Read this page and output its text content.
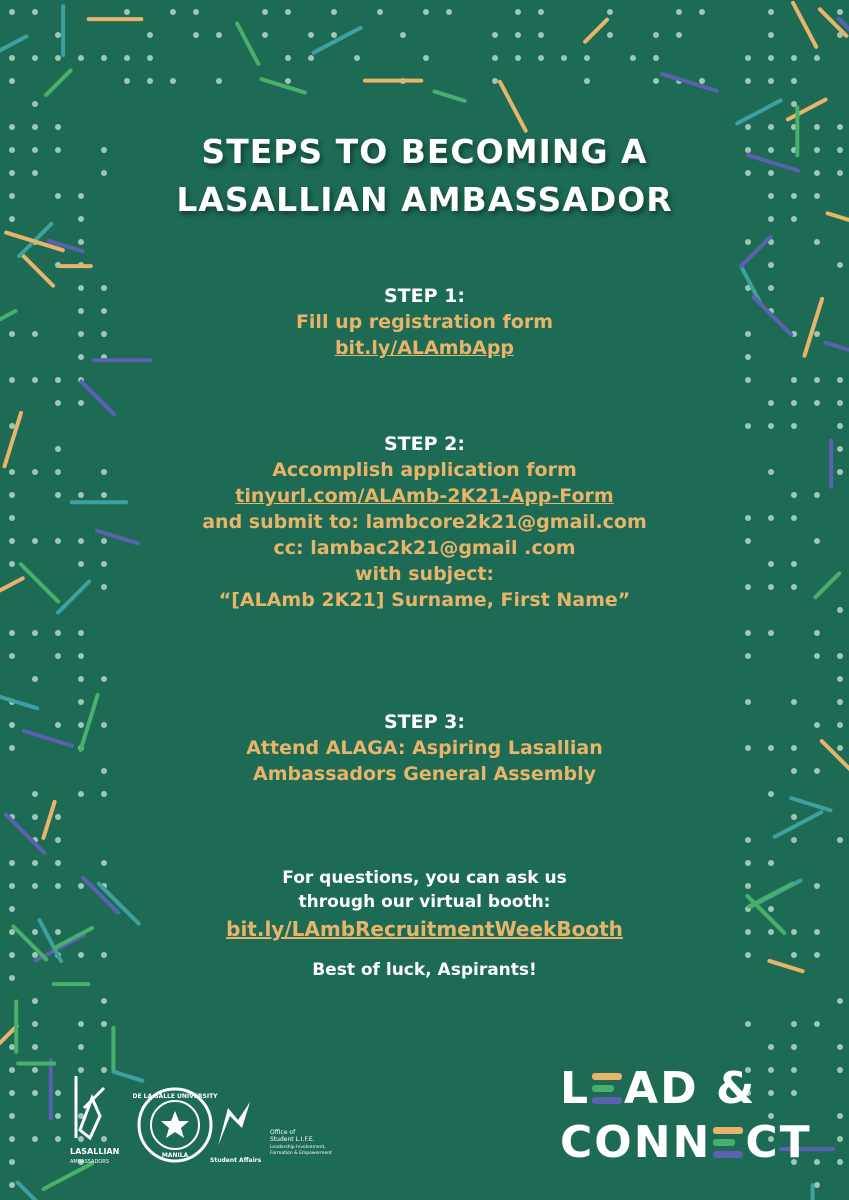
STEPS TO BECOMING A
LASALLIAN AMBASSADOR
STEP 1:
Fill up registration form
bit.ly/ALAmbApp
STEP 2:
Accomplish application form
tinyurl.com/ALAmb-2K21-App-Form
and submit to: lambcore2k21@gmail.com
cc: lambac2k21@gmail .com
with subject:
“[ALAmb 2K21] Surname, First Name”
STEP 3:
Attend ALAGA: Aspiring Lasallian
Ambassadors General Assembly
For questions, you can ask us
through our virtual booth:
bit.ly/LAmbRecruitmentWeekBooth
Best of luck, Aspirants!
LASALLIAN
AMBASSADORS
DE LA SALLE UNIVERSITY
MANILA
Student Affairs
Office of
Student L.I.F.E.
Leadership Involvement,
Formation & Empowerment
L AD &
CONN CT
